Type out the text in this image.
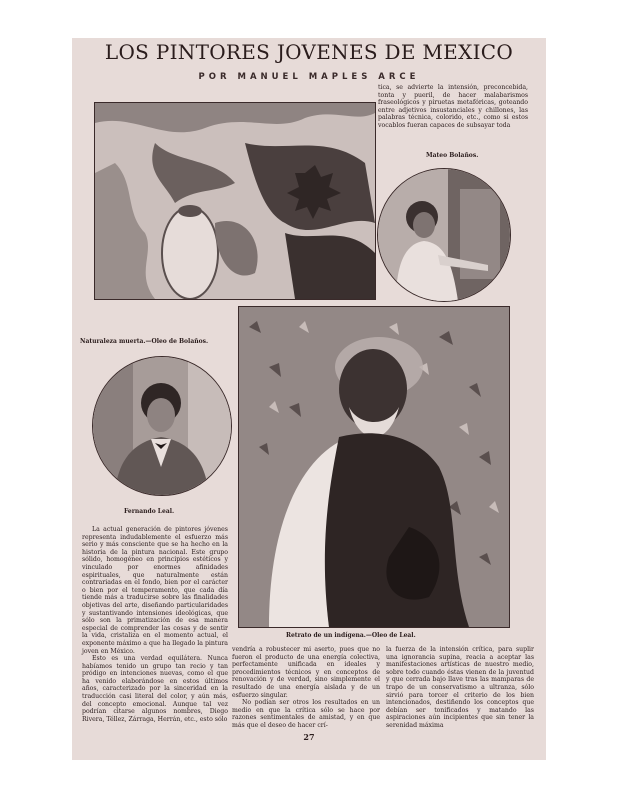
LOS PINTORES JOVENES DE MEXICO
POR MANUEL MAPLES ARCE

tica, se advierte la intensión, preconcebida, tonta y pueril, de hacer malabarismos fraseológicos y piruetas metafóricas, goteando entre adjetivos insustanciales y chillones, las palabras técnica, colorido, etc., como si estos vocablos fueran capaces de subsayar toda

Mateo Bolaños.
Naturaleza muerta.—Oleo de Bolaños.
Fernando Leal.
Retrato de un indígena.—Oleo de Leal.

La actual generación de pintores jóvenes representa indudablemente el esfuerzo más serio y más consciente que se ha hecho en la historia de la pintura nacional. Este grupo sólido, homogéneo en principios estéticos y vinculado por enormes afinidades espirituales, que naturalmente están contrariadas en el fondo, bien por el carácter o bien por el temperamento, que cada día tiende más a traducirse sobre las finalidades objetivas del arte, diseñando particularidades y sustantivando intensiones ideológicas, que sólo son la primatización de esa manera especial de comprender las cosas y de sentir la vida, cristaliza en el momento actual, el exponente máximo a que ha llegado la pintura joven en México.

Esto es una verdad equilátera. Nunca habíamos tenido un grupo tan recio y tan pródigo en intenciones nuevas, como el que ha venido elaborándose en estos últimos años, caracterizado por la sinceridad en la traducción casi literal del color, y aún más, del concepto emocional. Aunque tal vez podrían citarse algunos nombres, Diego Rivera, Téllez, Zárraga, Herrán, etc., esto sólo

vendría a robustecer mi aserto, pues que no fueron el producto de una energía colectiva, perfectamente unificada en ideales y procedimientos técnicos y en conceptos de renovación y de verdad, sino simplemente el resultado de una energía aislada y de un esfuerzo singular.

No podían ser otros los resultados en un medio en que la crítica sólo se hace por razones sentimentales de amistad, y en que más que el deseo de hacer crí-

la fuerza de la intensión crítica, para suplir una ignorancia supina, reacia a aceptar las manifestaciones artísticas de nuestro medio, sobre todo cuando éstas vienen de la juventud y que cerrada bajo llave tras las mamparas de trapo de un conservatismo a ultranza, sólo sirvió para torcer el criterio de los bien intencionados, destiñendo los conceptos que debían ser tonificados y matando las aspiraciones aún incipientes que sin tener la serenidad máxima

27
